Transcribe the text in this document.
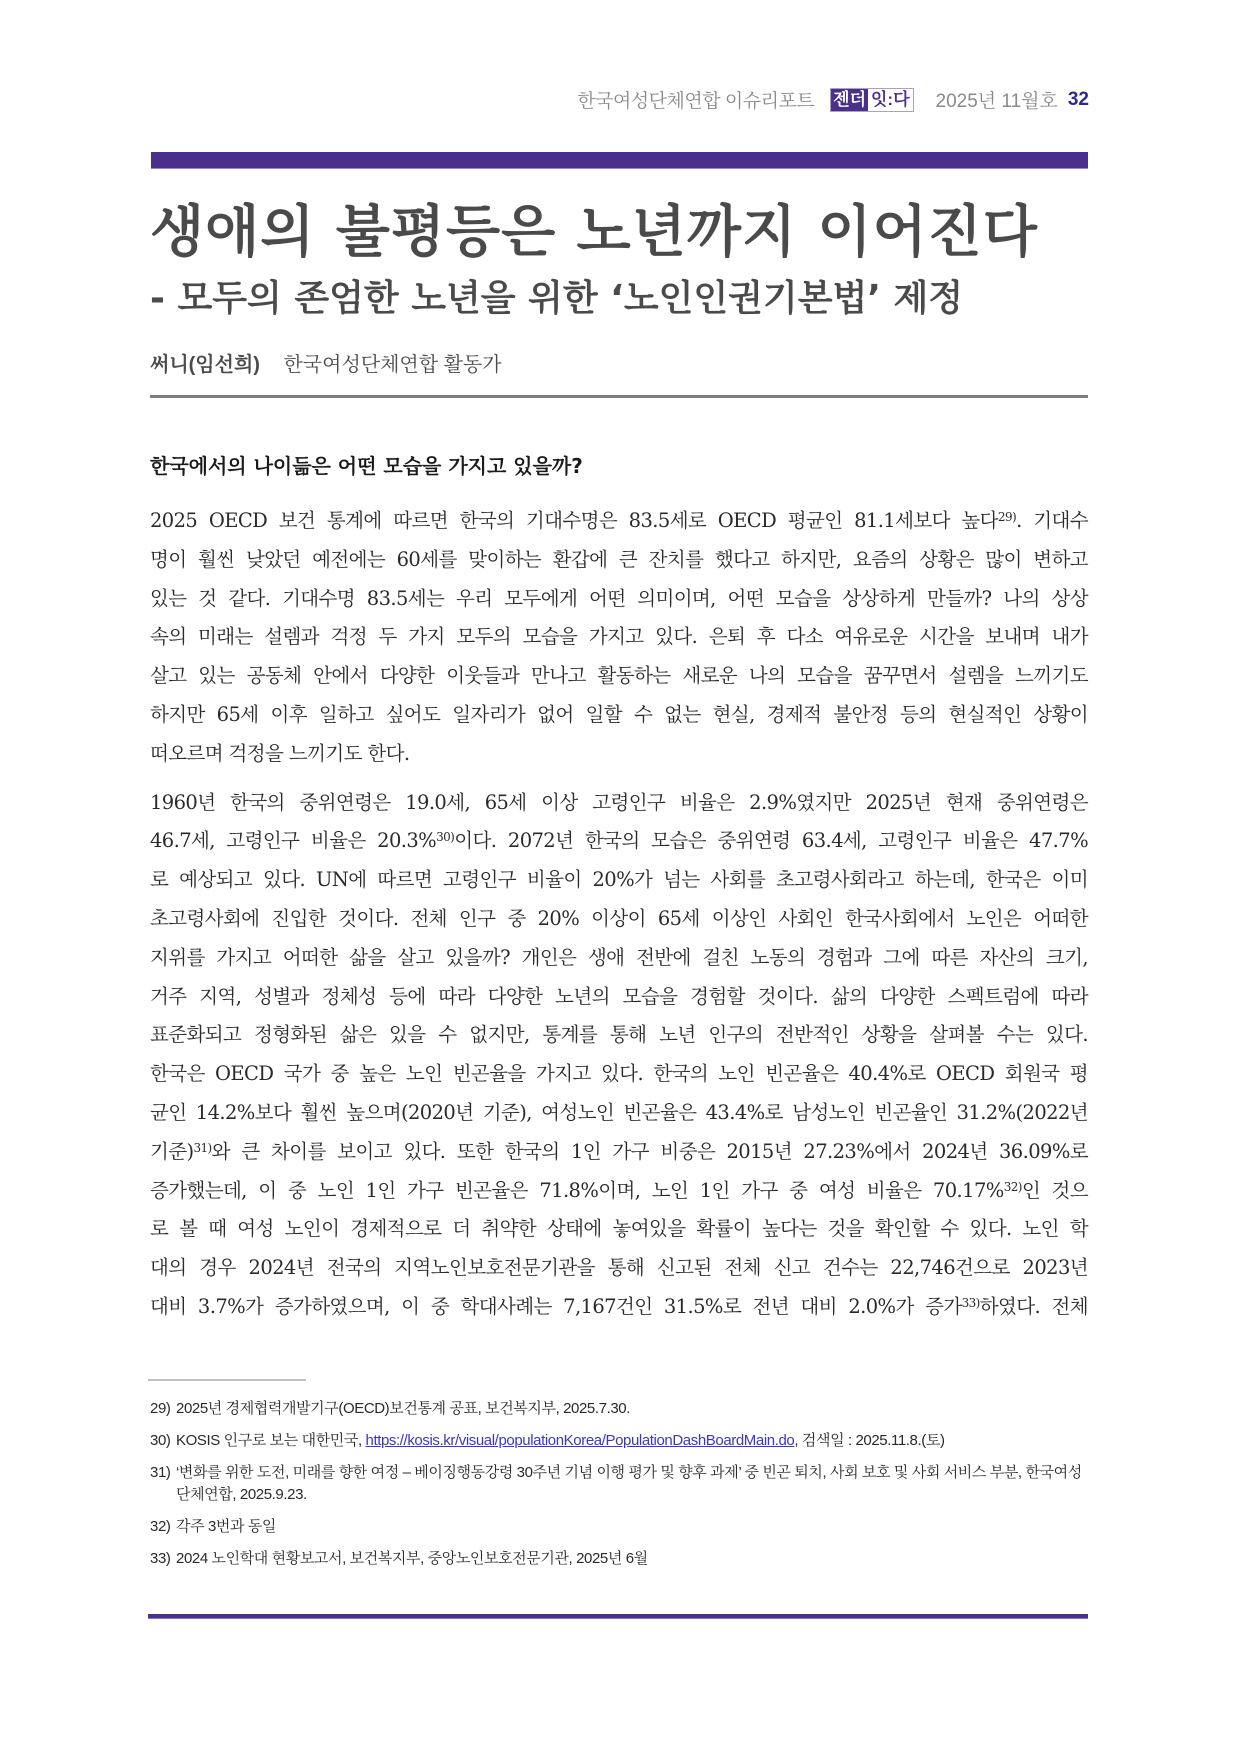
한국여성단체연합 이슈리포트 젠더 잇:다 2025년 11월호 32
생애의 불평등은 노년까지 이어진다
- 모두의 존엄한 노년을 위한 ‘노인인권기본법’ 제정
써니(임선희) 한국여성단체연합 활동가
한국에서의 나이듦은 어떤 모습을 가지고 있을까?

2025 OECD 보건 통계에 따르면 한국의 기대수명은 83.5세로 OECD 평균인 81.1세보다 높다$^{29)}$. 기대수
명이 훨씬 낮았던 예전에는 60세를 맞이하는 환갑에 큰 잔치를 했다고 하지만, 요즘의 상황은 많이 변하고
있는 것 같다. 기대수명 83.5세는 우리 모두에게 어떤 의미이며, 어떤 모습을 상상하게 만들까? 나의 상상
속의 미래는 설렘과 걱정 두 가지 모두의 모습을 가지고 있다. 은퇴 후 다소 여유로운 시간을 보내며 내가
살고 있는 공동체 안에서 다양한 이웃들과 만나고 활동하는 새로운 나의 모습을 꿈꾸면서 설렘을 느끼기도
하지만 65세 이후 일하고 싶어도 일자리가 없어 일할 수 없는 현실, 경제적 불안정 등의 현실적인 상황이
떠오르며 걱정을 느끼기도 한다.

1960년 한국의 중위연령은 19.0세, 65세 이상 고령인구 비율은 2.9%였지만 2025년 현재 중위연령은
46.7세, 고령인구 비율은 20.3%$^{30)}$이다. 2072년 한국의 모습은 중위연령 63.4세, 고령인구 비율은 47.7%
로 예상되고 있다. UN에 따르면 고령인구 비율이 20%가 넘는 사회를 초고령사회라고 하는데, 한국은 이미
초고령사회에 진입한 것이다. 전체 인구 중 20% 이상이 65세 이상인 사회인 한국사회에서 노인은 어떠한
지위를 가지고 어떠한 삶을 살고 있을까? 개인은 생애 전반에 걸친 노동의 경험과 그에 따른 자산의 크기,
거주 지역, 성별과 정체성 등에 따라 다양한 노년의 모습을 경험할 것이다. 삶의 다양한 스펙트럼에 따라
표준화되고 정형화된 삶은 있을 수 없지만, 통계를 통해 노년 인구의 전반적인 상황을 살펴볼 수는 있다.
한국은 OECD 국가 중 높은 노인 빈곤율을 가지고 있다. 한국의 노인 빈곤율은 40.4%로 OECD 회원국 평
균인 14.2%보다 훨씬 높으며(2020년 기준), 여성노인 빈곤율은 43.4%로 남성노인 빈곤율인 31.2%(2022년
기준)$^{31)}$와 큰 차이를 보이고 있다. 또한 한국의 1인 가구 비중은 2015년 27.23%에서 2024년 36.09%로
증가했는데, 이 중 노인 1인 가구 빈곤율은 71.8%이며, 노인 1인 가구 중 여성 비율은 70.17%$^{32)}$인 것으
로 볼 때 여성 노인이 경제적으로 더 취약한 상태에 놓여있을 확률이 높다는 것을 확인할 수 있다. 노인 학
대의 경우 2024년 전국의 지역노인보호전문기관을 통해 신고된 전체 신고 건수는 22,746건으로 2023년
대비 3.7%가 증가하였으며, 이 중 학대사례는 7,167건인 31.5%로 전년 대비 2.0%가 증가$^{33)}$하였다. 전체

29) 2025년 경제협력개발기구(OECD)보건통계 공표, 보건복지부, 2025.7.30.
30) KOSIS 인구로 보는 대한민국, https://kosis.kr/visual/populationKorea/PopulationDashBoardMain.do, 검색일 : 2025.11.8.(토)
31) ‘변화를 위한 도전, 미래를 향한 여정 – 베이징행동강령 30주년 기념 이행 평가 및 향후 과제’ 중 빈곤 퇴치, 사회 보호 및 사회 서비스 부분, 한국여성단체연합, 2025.9.23.
32) 각주 3번과 동일
33) 2024 노인학대 현황보고서, 보건복지부, 중앙노인보호전문기관, 2025년 6월
